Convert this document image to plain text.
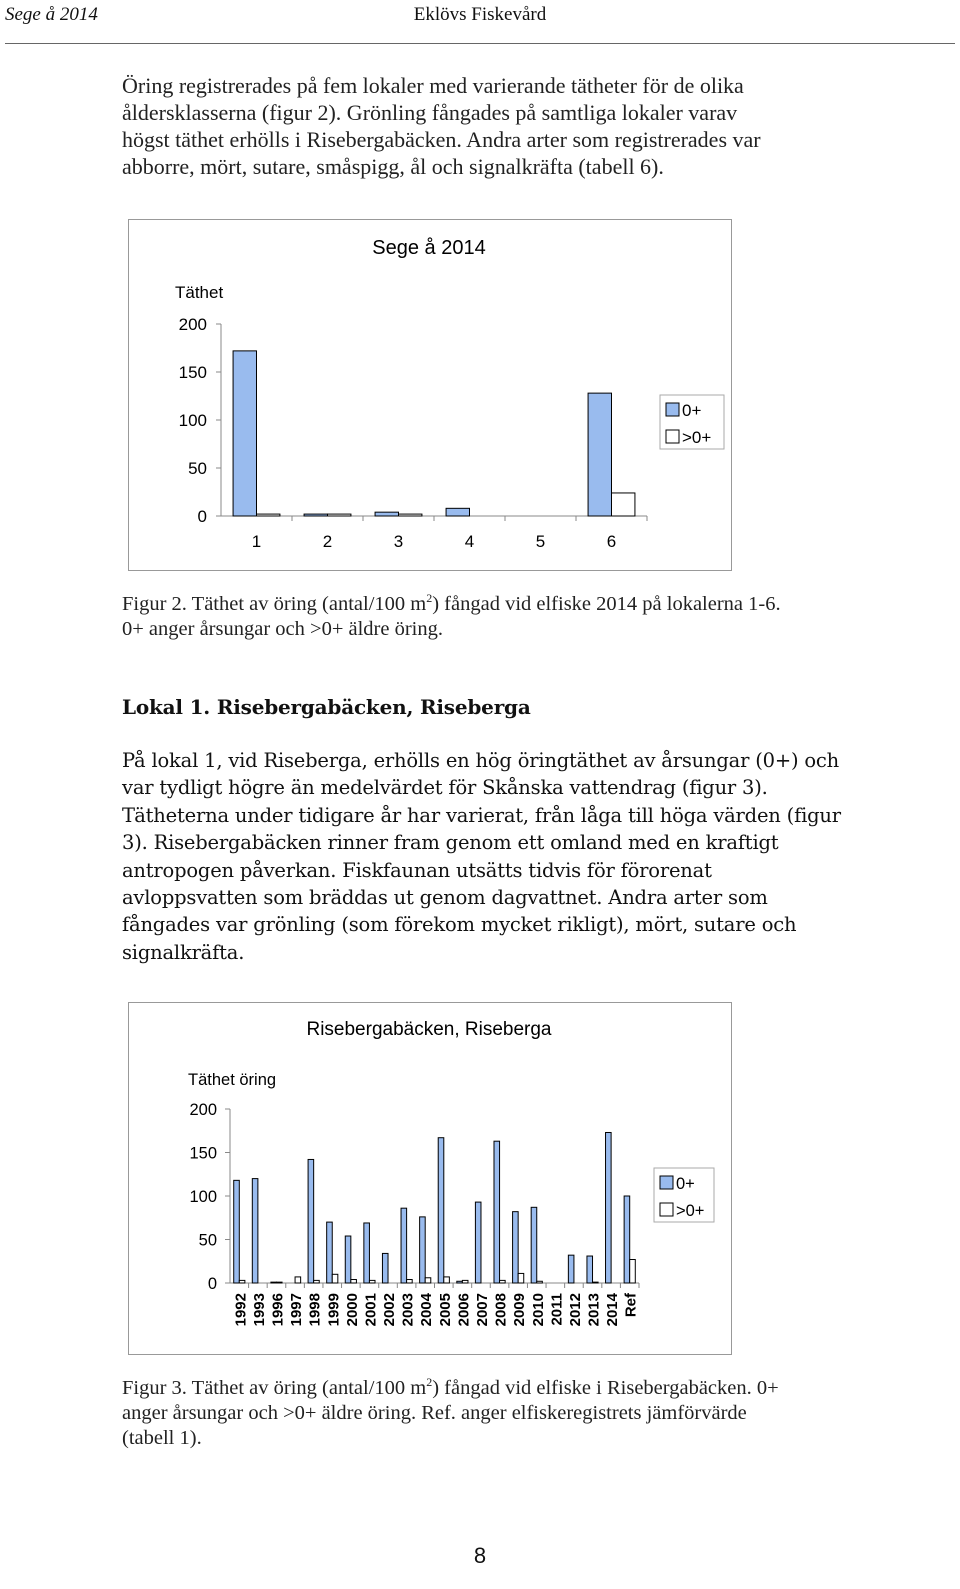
Sege å 2014	Eklövs Fiskevård
Öring registrerades på fem lokaler med varierande tätheter för de olika
åldersklasserna (figur 2). Grönling fångades på samtliga lokaler varav
högst täthet erhölls i Risebergabäcken. Andra arter som registrerades var
abborre, mört, sutare, småspigg, ål och signalkräfta (tabell 6).
Sege å 2014
Täthet
0
50
100
150
200
1	2	3	4	5	6
0+
>0+
Figur 2. Täthet av öring (antal/100 $m^2$) fångad vid elfiske 2014 på lokalerna 1-6.
0+ anger årsungar och >0+ äldre öring.
Lokal 1. Risebergabäcken, Riseberga
På lokal 1, vid Riseberga, erhölls en hög öringtäthet av årsungar (0+) och
var tydligt högre än medelvärdet för Skånska vattendrag (figur 3).
Tätheterna under tidigare år har varierat, från låga till höga värden (figur
3). Risebergabäcken rinner fram genom ett omland med en kraftigt
antropogen påverkan. Fiskfaunan utsätts tidvis för förorenat
avloppsvatten som bräddas ut genom dagvattnet. Andra arter som
fångades var grönling (som förekom mycket rikligt), mört, sutare och
signalkräfta.
Risebergabäcken, Riseberga
Täthet öring
0
50
100
150
200
1992 1993 1996 1997 1998 1999 2000 2001 2002 2003 2004 2005 2006 2007 2008 2009 2010 2011 2012 2013 2014 Ref
0+
>0+
Figur 3. Täthet av öring (antal/100 $m^2$) fångad vid elfiske i Risebergabäcken. 0+
anger årsungar och >0+ äldre öring. Ref. anger elfiskeregistrets jämförvärde
(tabell 1).
8
